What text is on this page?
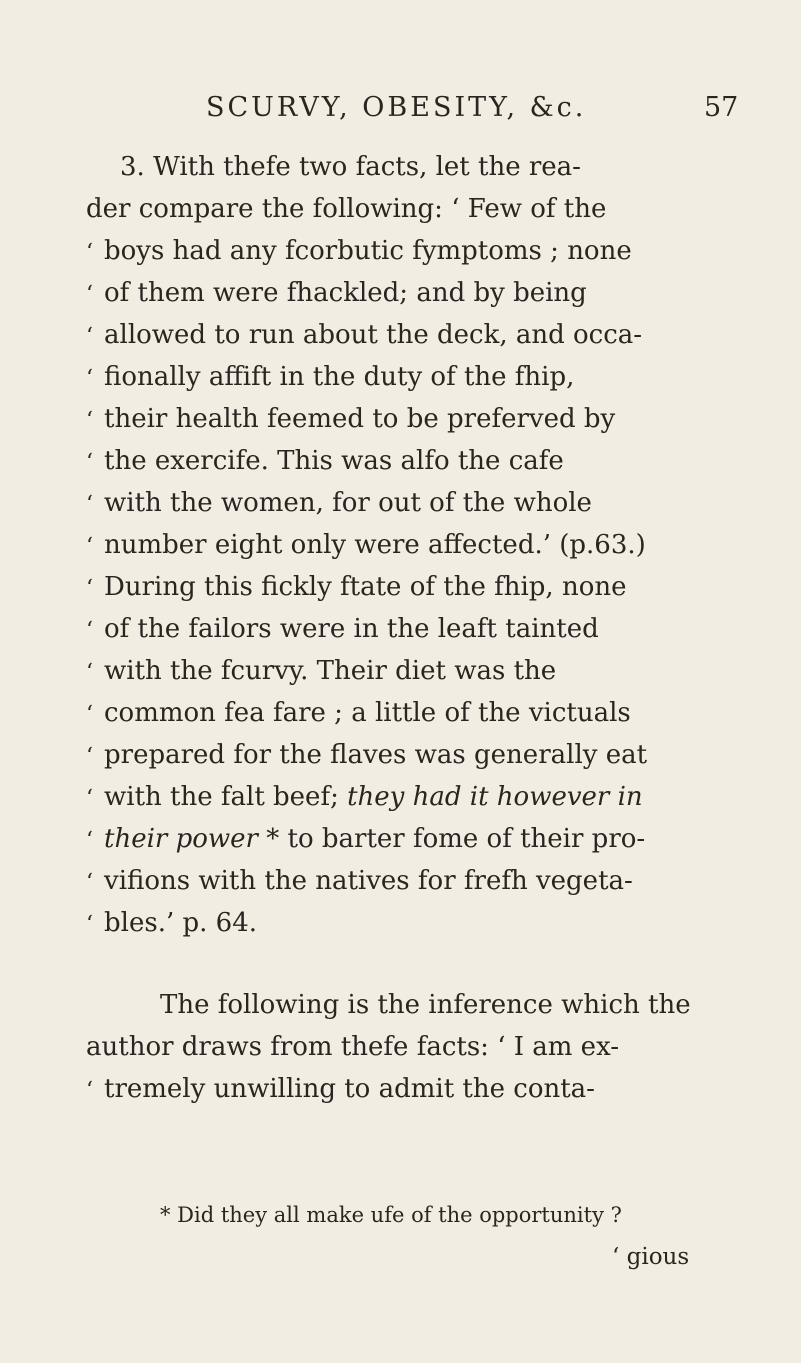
SCURVY, OBESITY, &c.	57
3. With thefe two facts, let the rea-
der compare the following: ‘ Few of the
‘ boys had any fcorbutic fymptoms ; none
‘ of them were fhackled; and by being
‘ allowed to run about the deck, and occa-
‘ fionally affift in the duty of the fhip,
‘ their health feemed to be preferved by
‘ the exercife. This was alfo the cafe
‘ with the women, for out of the whole
‘ number eight only were affected.’ (p.63.)
‘ During this fickly ftate of the fhip, none
‘ of the failors were in the leaft tainted
‘ with the fcurvy. Their diet was the
‘ common fea fare ; a little of the victuals
‘ prepared for the flaves was generally eat
‘ with the falt beef; they had it however in
‘ their power * to barter fome of their pro-
‘ vifions with the natives for frefh vegeta-
‘ bles.’ p. 64.
The following is the inference which the
author draws from thefe facts: ‘ I am ex-
‘ tremely unwilling to admit the conta-
* Did they all make ufe of the opportunity ?
‘ gious
